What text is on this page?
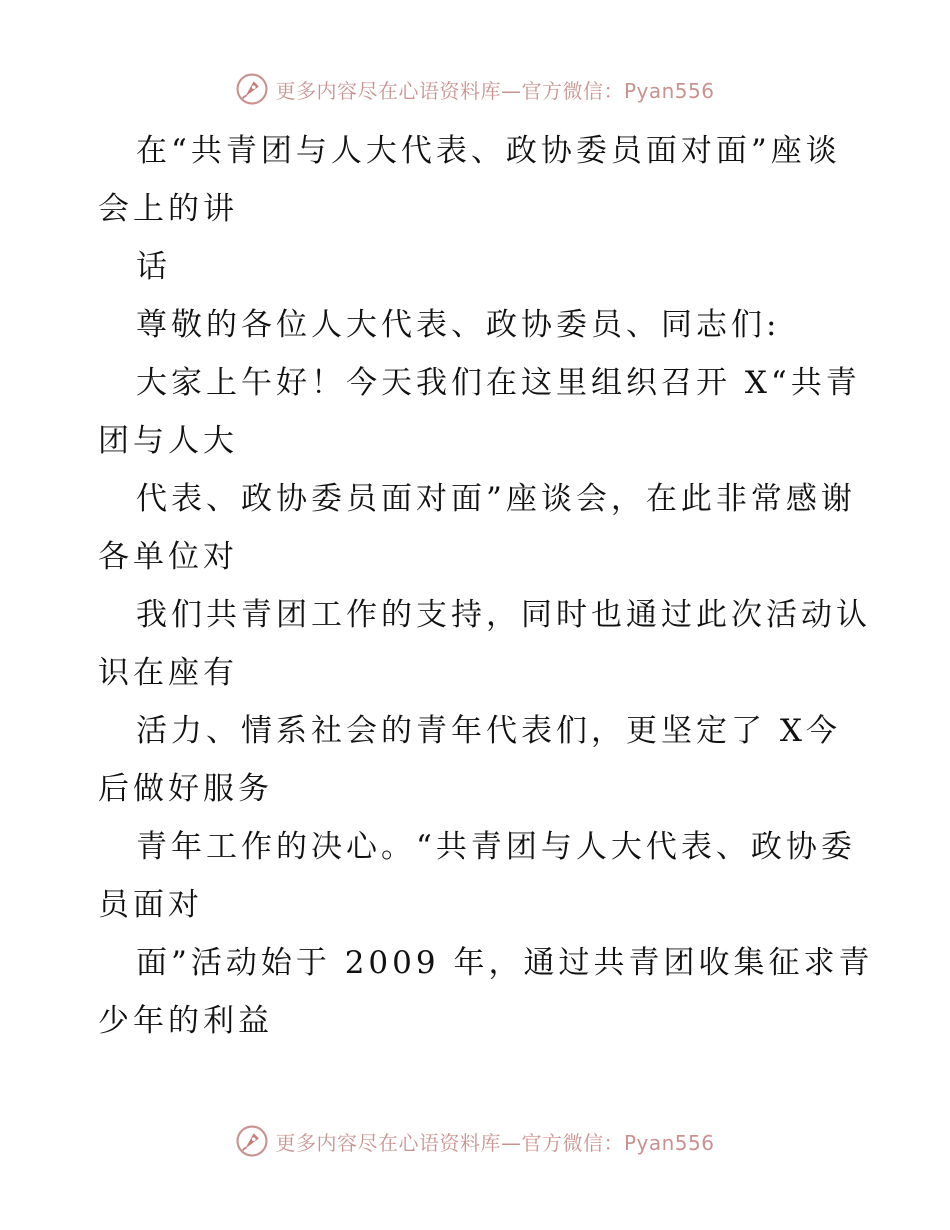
更多内容尽在心语资料库—官方微信：Pyan556
在“共青团与人大代表、政协委员面对面”座谈
会上的讲
话
尊敬的各位人大代表、政协委员、同志们:
大家上午好！今天我们在这里组织召开 X“共青
团与人大
代表、政协委员面对面”座谈会，在此非常感谢
各单位对
我们共青团工作的支持，同时也通过此次活动认
识在座有
活力、情系社会的青年代表们，更坚定了 X今
后做好服务
青年工作的决心。“共青团与人大代表、政协委
员面对
面”活动始于 2009 年，通过共青团收集征求青
少年的利益
更多内容尽在心语资料库—官方微信：Pyan556
